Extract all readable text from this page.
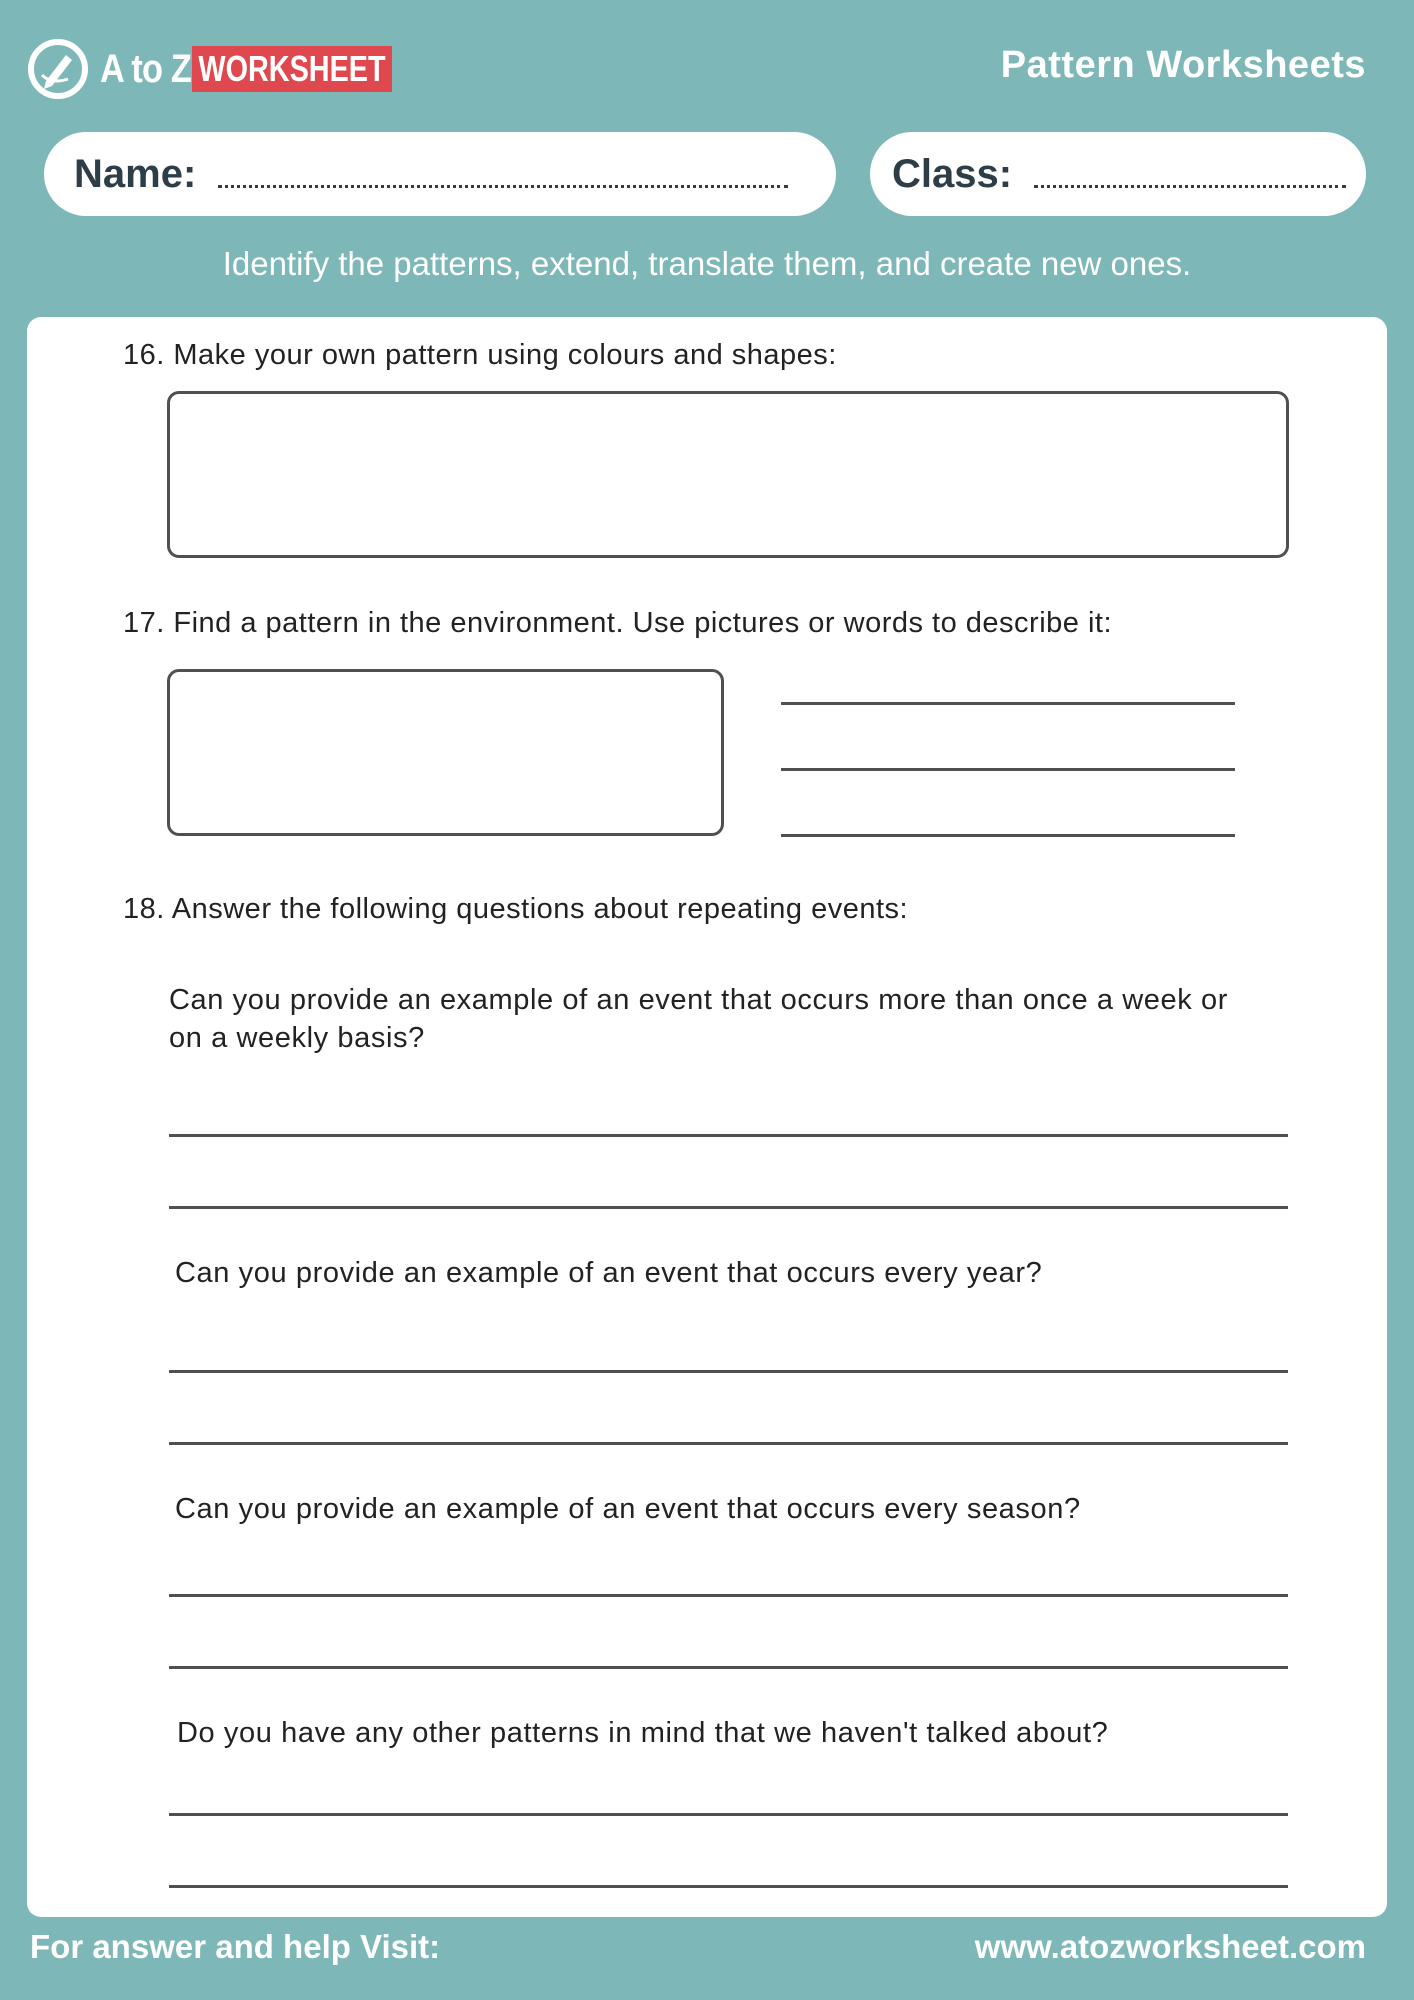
A to Z WORKSHEET	Pattern Worksheets
Name:	Class:
Identify the patterns, extend, translate them, and create new ones.
16. Make your own pattern using colours and shapes:
17. Find a pattern in the environment. Use pictures or words to describe it:
18. Answer the following questions about repeating events:
Can you provide an example of an event that occurs more than once a week or on a weekly basis?
Can you provide an example of an event that occurs every year?
Can you provide an example of an event that occurs every season?
Do you have any other patterns in mind that we haven't talked about?
For answer and help Visit:	www.atozworksheet.com
